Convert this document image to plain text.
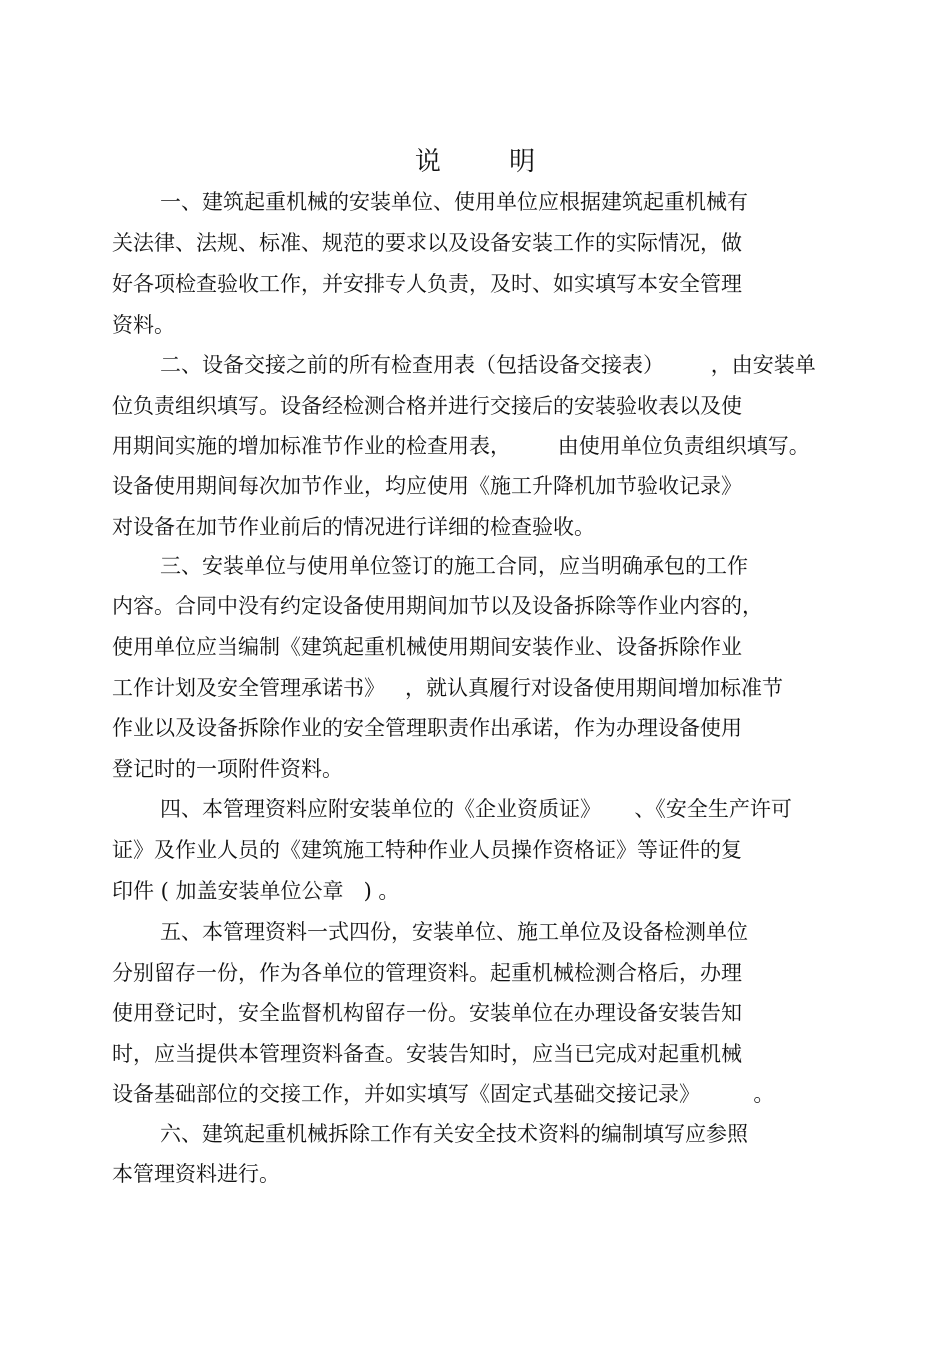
说 明
一、建筑起重机械的安装单位、使用单位应根据建筑起重机械有
关法律、法规、标准、规范的要求以及设备安装工作的实际情况，做
好各项检查验收工作，并安排专人负责，及时、如实填写本安全管理
资料。
二、设备交接之前的所有检查用表（包括设备交接表）       ，由安装单
位负责组织填写。设备经检测合格并进行交接后的安装验收表以及使
用期间实施的增加标准节作业的检查用表，       由使用单位负责组织填写。
设备使用期间每次加节作业，均应使用《施工升降机加节验收记录》
对设备在加节作业前后的情况进行详细的检查验收。
三、安装单位与使用单位签订的施工合同，应当明确承包的工作
内容。合同中没有约定设备使用期间加节以及设备拆除等作业内容的，
使用单位应当编制《建筑起重机械使用期间安装作业、设备拆除作业
工作计划及安全管理承诺书》   ，就认真履行对设备使用期间增加标准节
作业以及设备拆除作业的安全管理职责作出承诺，作为办理设备使用
登记时的一项附件资料。
四、本管理资料应附安装单位的《企业资质证》     、《安全生产许可
证》及作业人员的《建筑施工特种作业人员操作资格证》等证件的复
印件 ( 加盖安装单位公章   ) 。
五、本管理资料一式四份，安装单位、施工单位及设备检测单位
分别留存一份，作为各单位的管理资料。起重机械检测合格后，办理
使用登记时，安全监督机构留存一份。安装单位在办理设备安装告知
时，应当提供本管理资料备查。安装告知时，应当已完成对起重机械
设备基础部位的交接工作，并如实填写《固定式基础交接记录》        。
六、建筑起重机械拆除工作有关安全技术资料的编制填写应参照
本管理资料进行。
